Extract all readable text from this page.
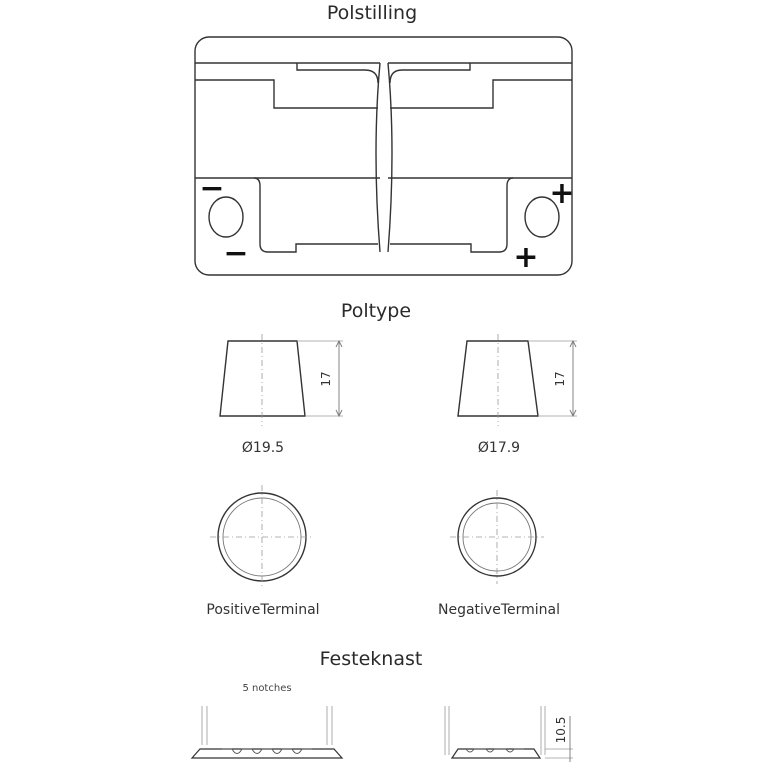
Polstilling
Poltype
Festeknast
−
−
+
+
17
Ø19.5
17
Ø17.9
PositiveTerminal	NegativeTerminal
5 notches
10.5
